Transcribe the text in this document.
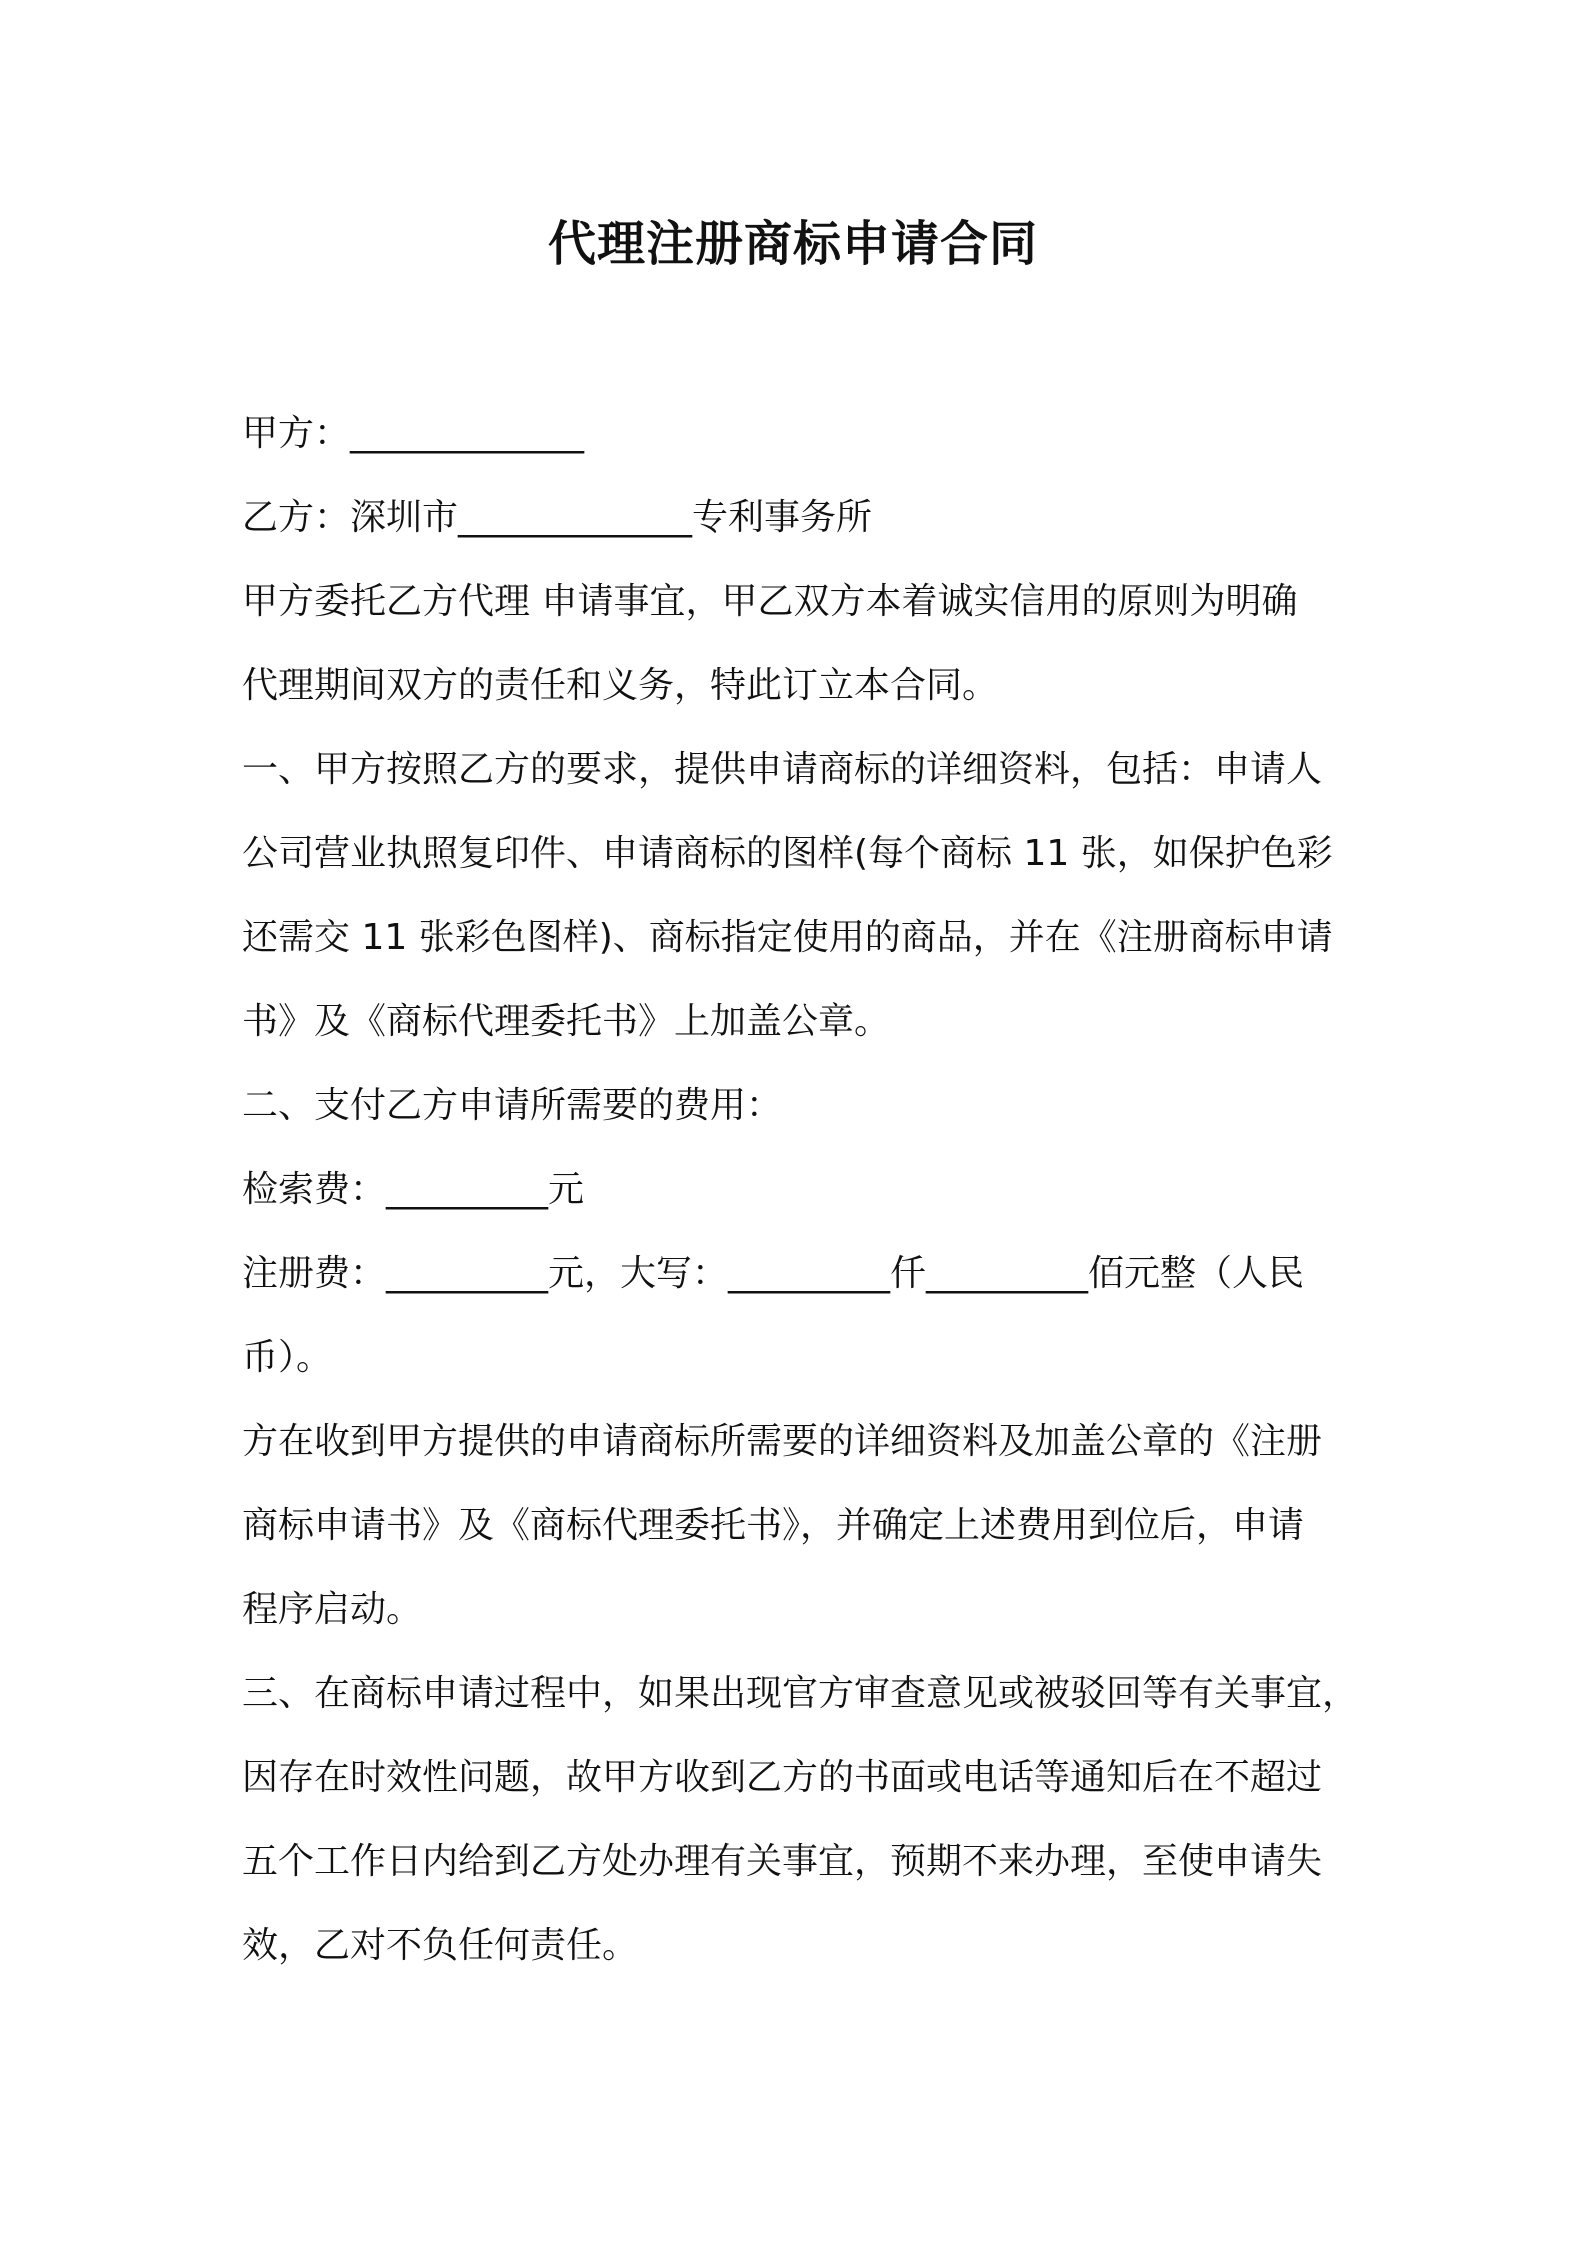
代理注册商标申请合同
甲方：_____________
乙方：深圳市_____________专利事务所
甲方委托乙方代理 申请事宜，甲乙双方本着诚实信用的原则为明确
代理期间双方的责任和义务，特此订立本合同。
一、甲方按照乙方的要求，提供申请商标的详细资料，包括：申请人
公司营业执照复印件、申请商标的图样(每个商标 11 张，如保护色彩
还需交 11 张彩色图样)、商标指定使用的商品，并在《注册商标申请
书》及《商标代理委托书》上加盖公章。
二、支付乙方申请所需要的费用：
检索费：_________元
注册费：_________元，大写：_________仟_________佰元整（人民
币）。
方在收到甲方提供的申请商标所需要的详细资料及加盖公章的《注册
商标申请书》及《商标代理委托书》，并确定上述费用到位后，申请
程序启动。
三、在商标申请过程中，如果出现官方审查意见或被驳回等有关事宜，
因存在时效性问题，故甲方收到乙方的书面或电话等通知后在不超过
五个工作日内给到乙方处办理有关事宜，预期不来办理，至使申请失
效，乙对不负任何责任。
